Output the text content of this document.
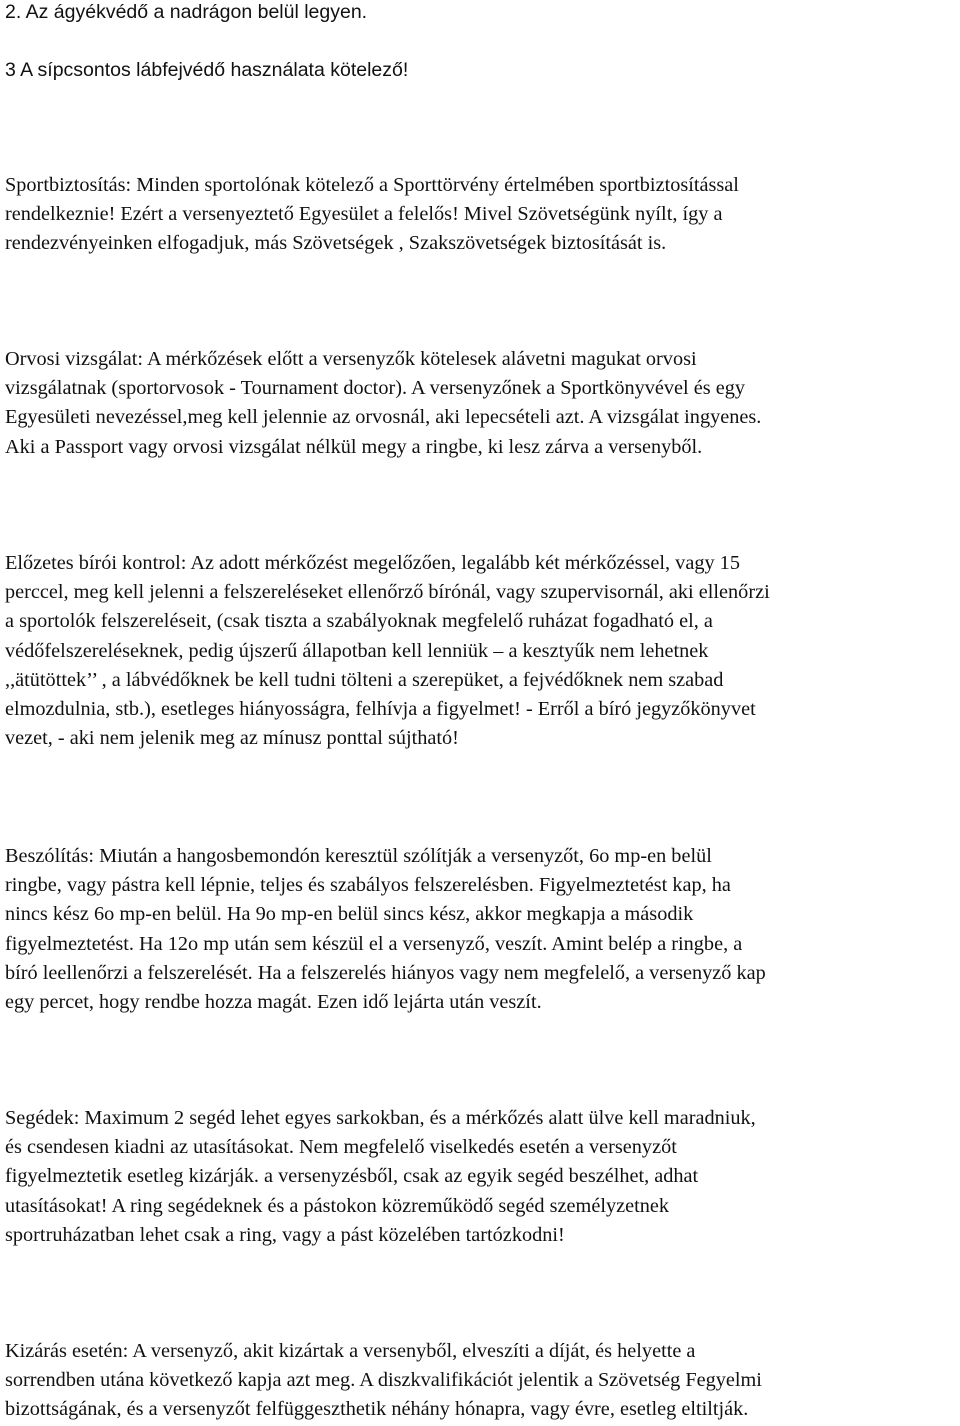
2. Az ágyékvédő a nadrágon belül legyen.

3 A sípcsontos lábfejvédő használata kötelező!

Sportbiztosítás: Minden sportolónak kötelező a Sporttörvény értelmében sportbiztosítással
rendelkeznie! Ezért a versenyeztető Egyesület a felelős! Mivel Szövetségünk nyílt, így a
rendezvényeinken elfogadjuk, más Szövetségek , Szakszövetségek biztosítását is.

Orvosi vizsgálat: A mérkőzések előtt a versenyzők kötelesek alávetni magukat orvosi
vizsgálatnak (sportorvosok - Tournament doctor). A versenyzőnek a Sportkönyvével és egy
Egyesületi nevezéssel,meg kell jelennie az orvosnál, aki lepecsételi azt. A vizsgálat ingyenes.
Aki a Passport vagy orvosi vizsgálat nélkül megy a ringbe, ki lesz zárva a versenyből.

Előzetes bírói kontrol: Az adott mérkőzést megelőzően, legalább két mérkőzéssel, vagy 15
perccel, meg kell jelenni a felszereléseket ellenőrző bírónál, vagy szupervisornál, aki ellenőrzi
a sportolók felszereléseit, (csak tiszta a szabályoknak megfelelő ruházat fogadható el, a
védőfelszereléseknek, pedig újszerű állapotban kell lenniük – a kesztyűk nem lehetnek
,,ätütöttek’’ , a lábvédőknek be kell tudni tölteni a szerepüket, a fejvédőknek nem szabad
elmozdulnia, stb.), esetleges hiányosságra, felhívja a figyelmet! - Erről a bíró jegyzőkönyvet
vezet, - aki nem jelenik meg az mínusz ponttal sújtható!

Beszólítás: Miután a hangosbemondón keresztül szólítják a versenyzőt, 6o mp-en belül
ringbe, vagy pástra kell lépnie, teljes és szabályos felszerelésben. Figyelmeztetést kap, ha
nincs kész 6o mp-en belül. Ha 9o mp-en belül sincs kész, akkor megkapja a második
figyelmeztetést. Ha 12o mp után sem készül el a versenyző, veszít. Amint belép a ringbe, a
bíró leellenőrzi a felszerelését. Ha a felszerelés hiányos vagy nem megfelelő, a versenyző kap
egy percet, hogy rendbe hozza magát. Ezen idő lejárta után veszít.

Segédek: Maximum 2 segéd lehet egyes sarkokban, és a mérkőzés alatt ülve kell maradniuk,
és csendesen kiadni az utasításokat. Nem megfelelő viselkedés esetén a versenyzőt
figyelmeztetik esetleg kizárják. a versenyzésből, csak az egyik segéd beszélhet, adhat
utasításokat! A ring segédeknek és a pástokon közreműködő segéd személyzetnek
sportruházatban lehet csak a ring, vagy a pást közelében tartózkodni!

Kizárás esetén: A versenyző, akit kizártak a versenyből, elveszíti a díját, és helyette a
sorrendben utána következő kapja azt meg. A diszkvalifikációt jelentik a Szövetség Fegyelmi
bizottságának, és a versenyzőt felfüggeszthetik néhány hónapra, vagy évre, esetleg eltiltják.
